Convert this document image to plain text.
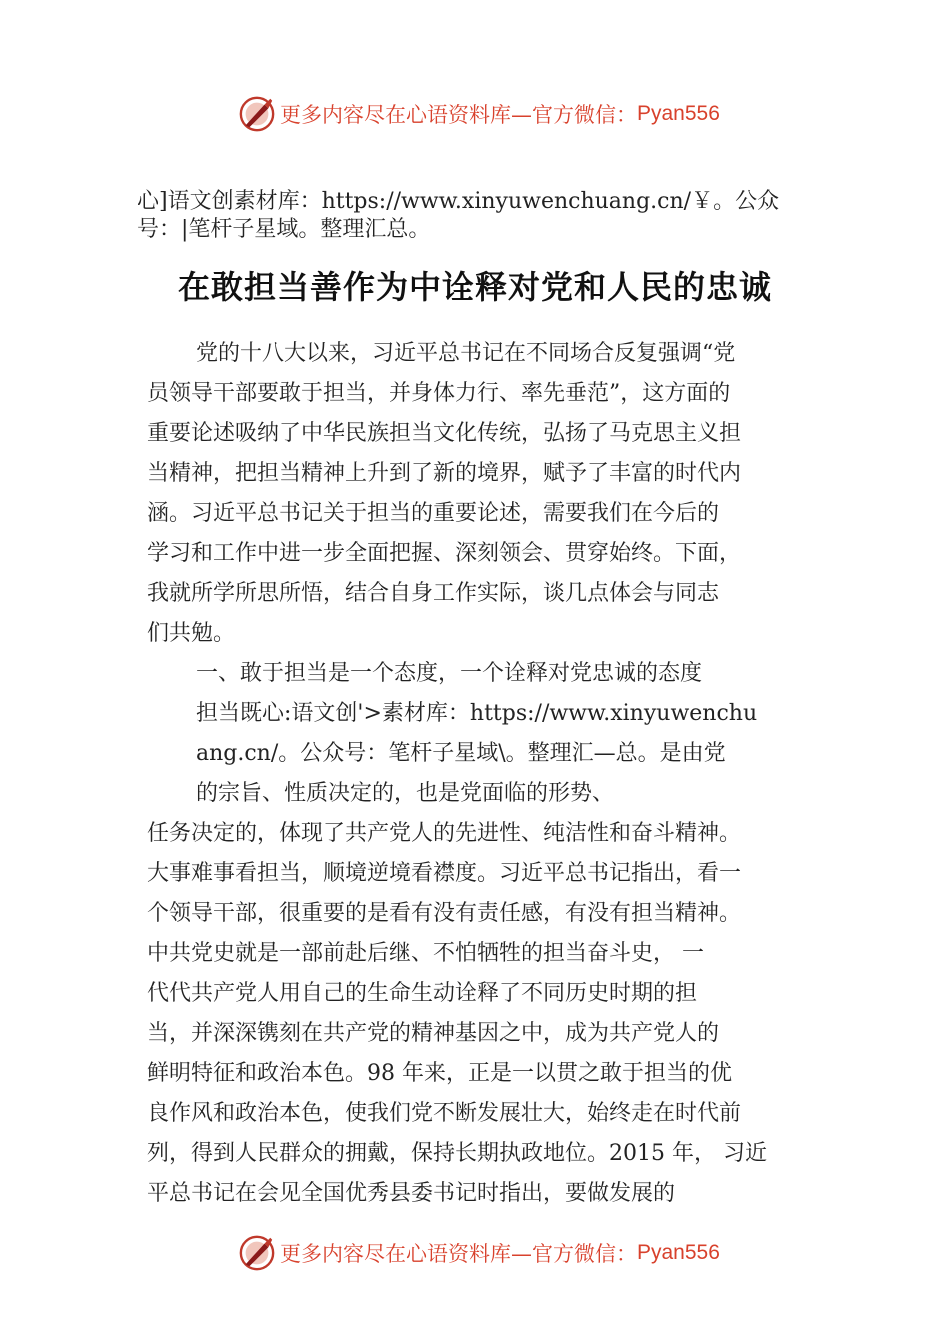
更多内容尽在心语资料库—官方微信： Pyan556
心]语文创素材库：https://www.xinyuwenchuang.cn/￥。公众
号：|笔杆子星域。整理汇总。
在敢担当善作为中诠释对党和人民的忠诚
党的十八大以来，习近平总书记在不同场合反复强调“党
员领导干部要敢于担当，并身体力行、率先垂范”，这方面的
重要论述吸纳了中华民族担当文化传统，弘扬了马克思主义担
当精神，把担当精神上升到了新的境界，赋予了丰富的时代内
涵。习近平总书记关于担当的重要论述，需要我们在今后的
学习和工作中进一步全面把握、深刻领会、贯穿始终。下面，
我就所学所思所悟，结合自身工作实际，谈几点体会与同志
们共勉。
一、敢于担当是一个态度，一个诠释对党忠诚的态度
担当既心:语文创'>素材库：https://www.xinyuwenchu
ang.cn/。公众号：笔杆子星域\。整理汇—总。是由党
的宗旨、性质决定的，也是党面临的形势、
任务决定的，体现了共产党人的先进性、纯洁性和奋斗精神。
大事难事看担当，顺境逆境看襟度。习近平总书记指出，看一
个领导干部，很重要的是看有没有责任感，有没有担当精神。
中共党史就是一部前赴后继、不怕牺牲的担当奋斗史， 一
代代共产党人用自己的生命生动诠释了不同历史时期的担
当，并深深镌刻在共产党的精神基因之中，成为共产党人的
鲜明特征和政治本色。98 年来，正是一以贯之敢于担当的优
良作风和政治本色，使我们党不断发展壮大，始终走在时代前
列，得到人民群众的拥戴，保持长期执政地位。2015 年， 习近
平总书记在会见全国优秀县委书记时指出，要做发展的
更多内容尽在心语资料库—官方微信： Pyan556
